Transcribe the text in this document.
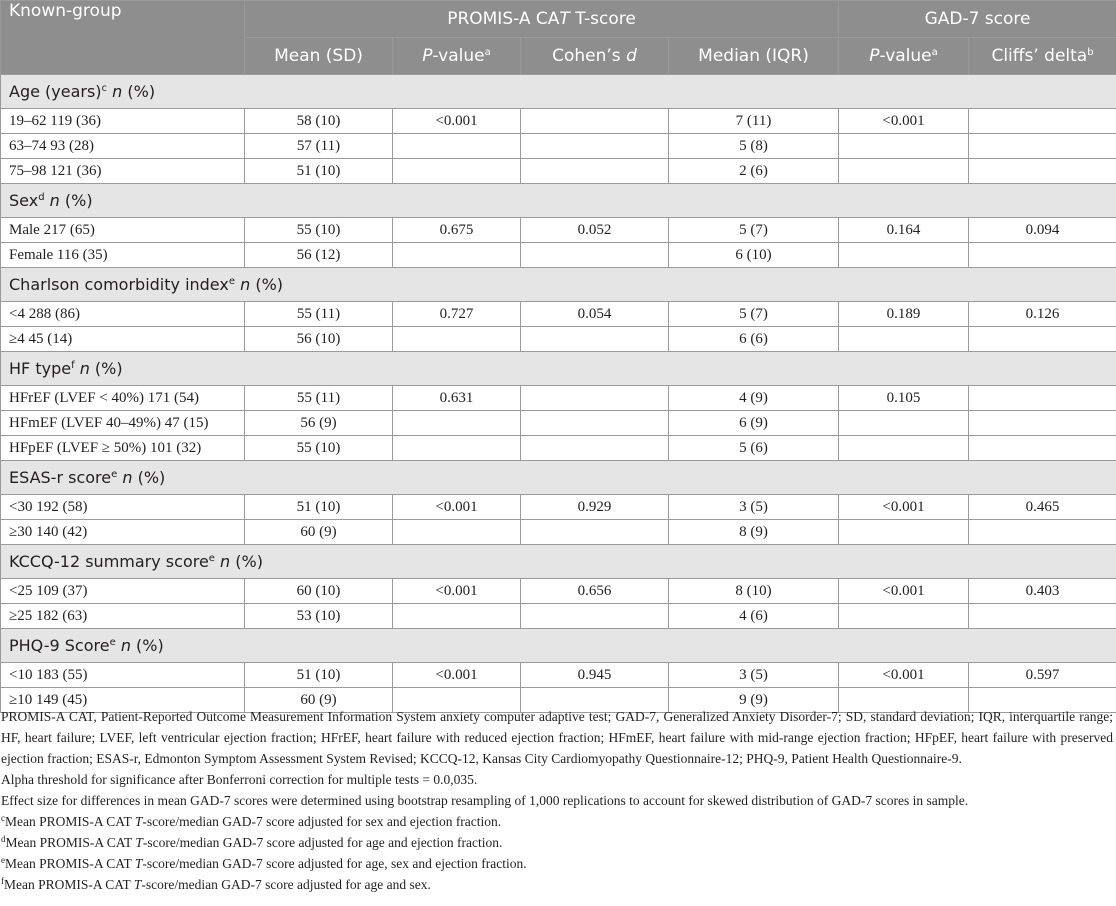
Known-group	PROMIS-A CAT T-score				GAD-7 score	
	Mean (SD)	P-value$^a$	Cohen’s d	Median (IQR)	P-value$^a$	Cliffs’ delta$^b$
Age (years)$^c$ n (%)						
19–62 119 (36)	58 (10)	<0.001		7 (11)	<0.001	
63–74 93 (28)	57 (11)			5 (8)		
75–98 121 (36)	51 (10)			2 (6)		
Sex$^d$ n (%)						
Male 217 (65)	55 (10)	0.675	0.052	5 (7)	0.164	0.094
Female 116 (35)	56 (12)			6 (10)		
Charlson comorbidity index$^e$ n (%)						
<4 288 (86)	55 (11)	0.727	0.054	5 (7)	0.189	0.126
≥4 45 (14)	56 (10)			6 (6)		
HF type$^f$ n (%)						
HFrEF (LVEF < 40%) 171 (54)	55 (11)	0.631		4 (9)	0.105	
HFmEF (LVEF 40–49%) 47 (15)	56 (9)			6 (9)		
HFpEF (LVEF ≥ 50%) 101 (32)	55 (10)			5 (6)		
ESAS-r score$^e$ n (%)						
<30 192 (58)	51 (10)	<0.001	0.929	3 (5)	<0.001	0.465
≥30 140 (42)	60 (9)			8 (9)		
KCCQ-12 summary score$^e$ n (%)						
<25 109 (37)	60 (10)	<0.001	0.656	8 (10)	<0.001	0.403
≥25 182 (63)	53 (10)			4 (6)		
PHQ-9 Score$^e$ n (%)						
<10 183 (55)	51 (10)	<0.001	0.945	3 (5)	<0.001	0.597
≥10 149 (45)	60 (9)			9 (9)		

PROMIS-A CAT, Patient-Reported Outcome Measurement Information System anxiety computer adaptive test; GAD-7, Generalized Anxiety Disorder-7; SD, standard deviation; IQR, interquartile range; HF, heart failure; LVEF, left ventricular ejection fraction; HFrEF, heart failure with reduced ejection fraction; HFmEF, heart failure with mid-range ejection fraction; HFpEF, heart failure with preserved ejection fraction; ESAS-r, Edmonton Symptom Assessment System Revised; KCCQ-12, Kansas City Cardiomyopathy Questionnaire-12; PHQ-9, Patient Health Questionnaire-9.

Alpha threshold for significance after Bonferroni correction for multiple tests = 0.0,035.

Effect size for differences in mean GAD-7 scores were determined using bootstrap resampling of 1,000 replications to account for skewed distribution of GAD-7 scores in sample.

$^c$Mean PROMIS-A CAT T-score/median GAD-7 score adjusted for sex and ejection fraction.

$^d$Mean PROMIS-A CAT T-score/median GAD-7 score adjusted for age and ejection fraction.

$^e$Mean PROMIS-A CAT T-score/median GAD-7 score adjusted for age, sex and ejection fraction.

$^f$Mean PROMIS-A CAT T-score/median GAD-7 score adjusted for age and sex.
